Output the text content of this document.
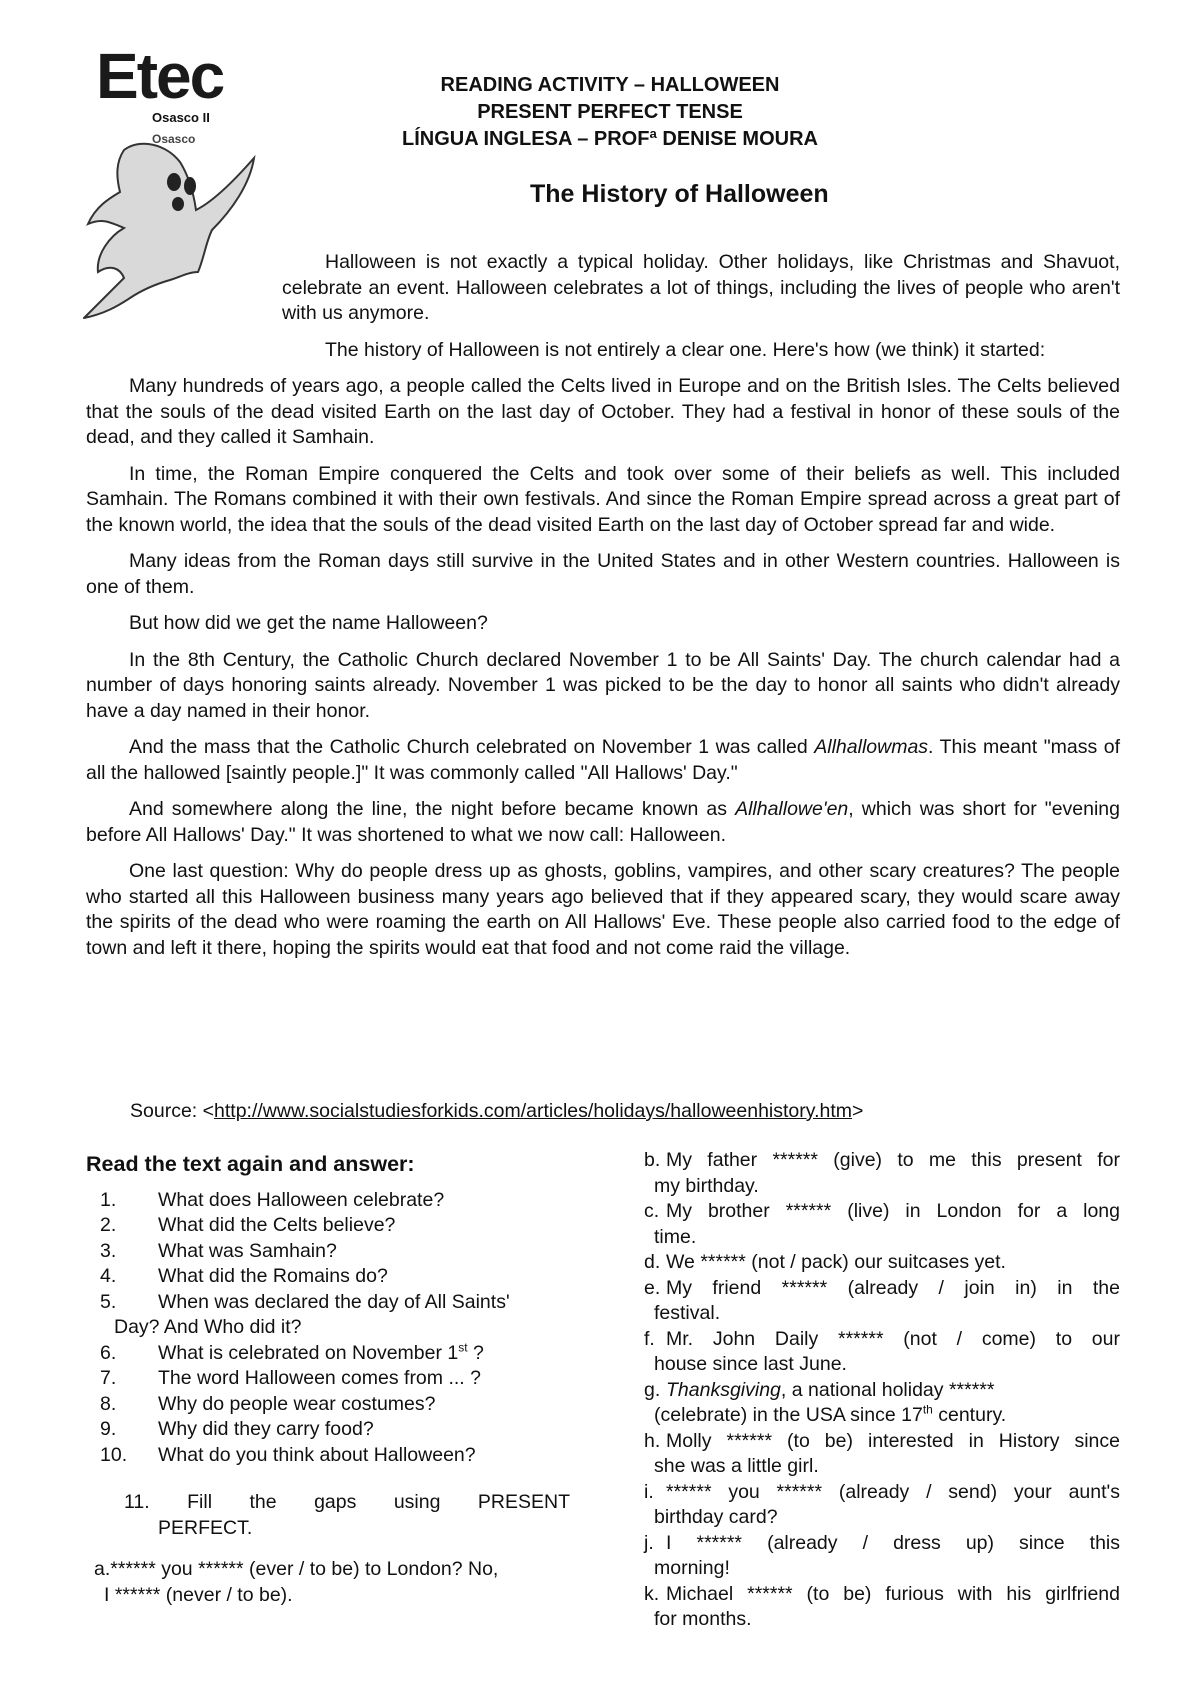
Etec
Osasco II
Osasco
READING ACTIVITY – HALLOWEEN
PRESENT PERFECT TENSE
LÍNGUA INGLESA – PROFª DENISE MOURA
The History of Halloween

Halloween is not exactly a typical holiday. Other holidays, like Christmas and Shavuot, celebrate an event. Halloween celebrates a lot of things, including the lives of people who aren't with us anymore.

The history of Halloween is not entirely a clear one. Here's how (we think) it started:

Many hundreds of years ago, a people called the Celts lived in Europe and on the British Isles. The Celts believed that the souls of the dead visited Earth on the last day of October. They had a festival in honor of these souls of the dead, and they called it Samhain.

In time, the Roman Empire conquered the Celts and took over some of their beliefs as well. This included Samhain. The Romans combined it with their own festivals. And since the Roman Empire spread across a great part of the known world, the idea that the souls of the dead visited Earth on the last day of October spread far and wide.

Many ideas from the Roman days still survive in the United States and in other Western countries. Halloween is one of them.

But how did we get the name Halloween?

In the 8th Century, the Catholic Church declared November 1 to be All Saints' Day. The church calendar had a number of days honoring saints already. November 1 was picked to be the day to honor all saints who didn't already have a day named in their honor.

And the mass that the Catholic Church celebrated on November 1 was called Allhallowmas. This meant "mass of all the hallowed [saintly people.]" It was commonly called "All Hallows' Day."

And somewhere along the line, the night before became known as Allhallowe'en, which was short for "evening before All Hallows' Day." It was shortened to what we now call: Halloween.

One last question: Why do people dress up as ghosts, goblins, vampires, and other scary creatures? The people who started all this Halloween business many years ago believed that if they appeared scary, they would scare away the spirits of the dead who were roaming the earth on All Hallows' Eve. These people also carried food to the edge of town and left it there, hoping the spirits would eat that food and not come raid the village.

Source: <http://www.socialstudiesforkids.com/articles/holidays/halloweenhistory.htm>
Read the text again and answer:
1. What does Halloween celebrate?
2. What did the Celts believe?
3. What was Samhain?
4. What did the Romains do?
5. When was declared the day of All Saints'
Day? And Who did it?
6. What is celebrated on November 1st ?
7. The word Halloween comes from ... ?
8. Why do people wear costumes?
9. Why did they carry food?
10. What do you think about Halloween?
11. Fill the gaps using PRESENT
PERFECT.
a.****** you ****** (ever / to be) to London? No,
I ****** (never / to be).
b. My father ****** (give) to me this present for
my birthday.
c. My brother ****** (live) in London for a long
time.
d. We ****** (not / pack) our suitcases yet.
e. My friend ****** (already / join in) in the
festival.
f. Mr. John Daily ****** (not / come) to our
house since last June.
g. Thanksgiving, a national holiday ******
(celebrate) in the USA since 17th century.
h. Molly ****** (to be) interested in History since
she was a little girl.
i. ****** you ****** (already / send) your aunt's
birthday card?
j. I ****** (already / dress up) since this
morning!
k. Michael ****** (to be) furious with his girlfriend
for months.
